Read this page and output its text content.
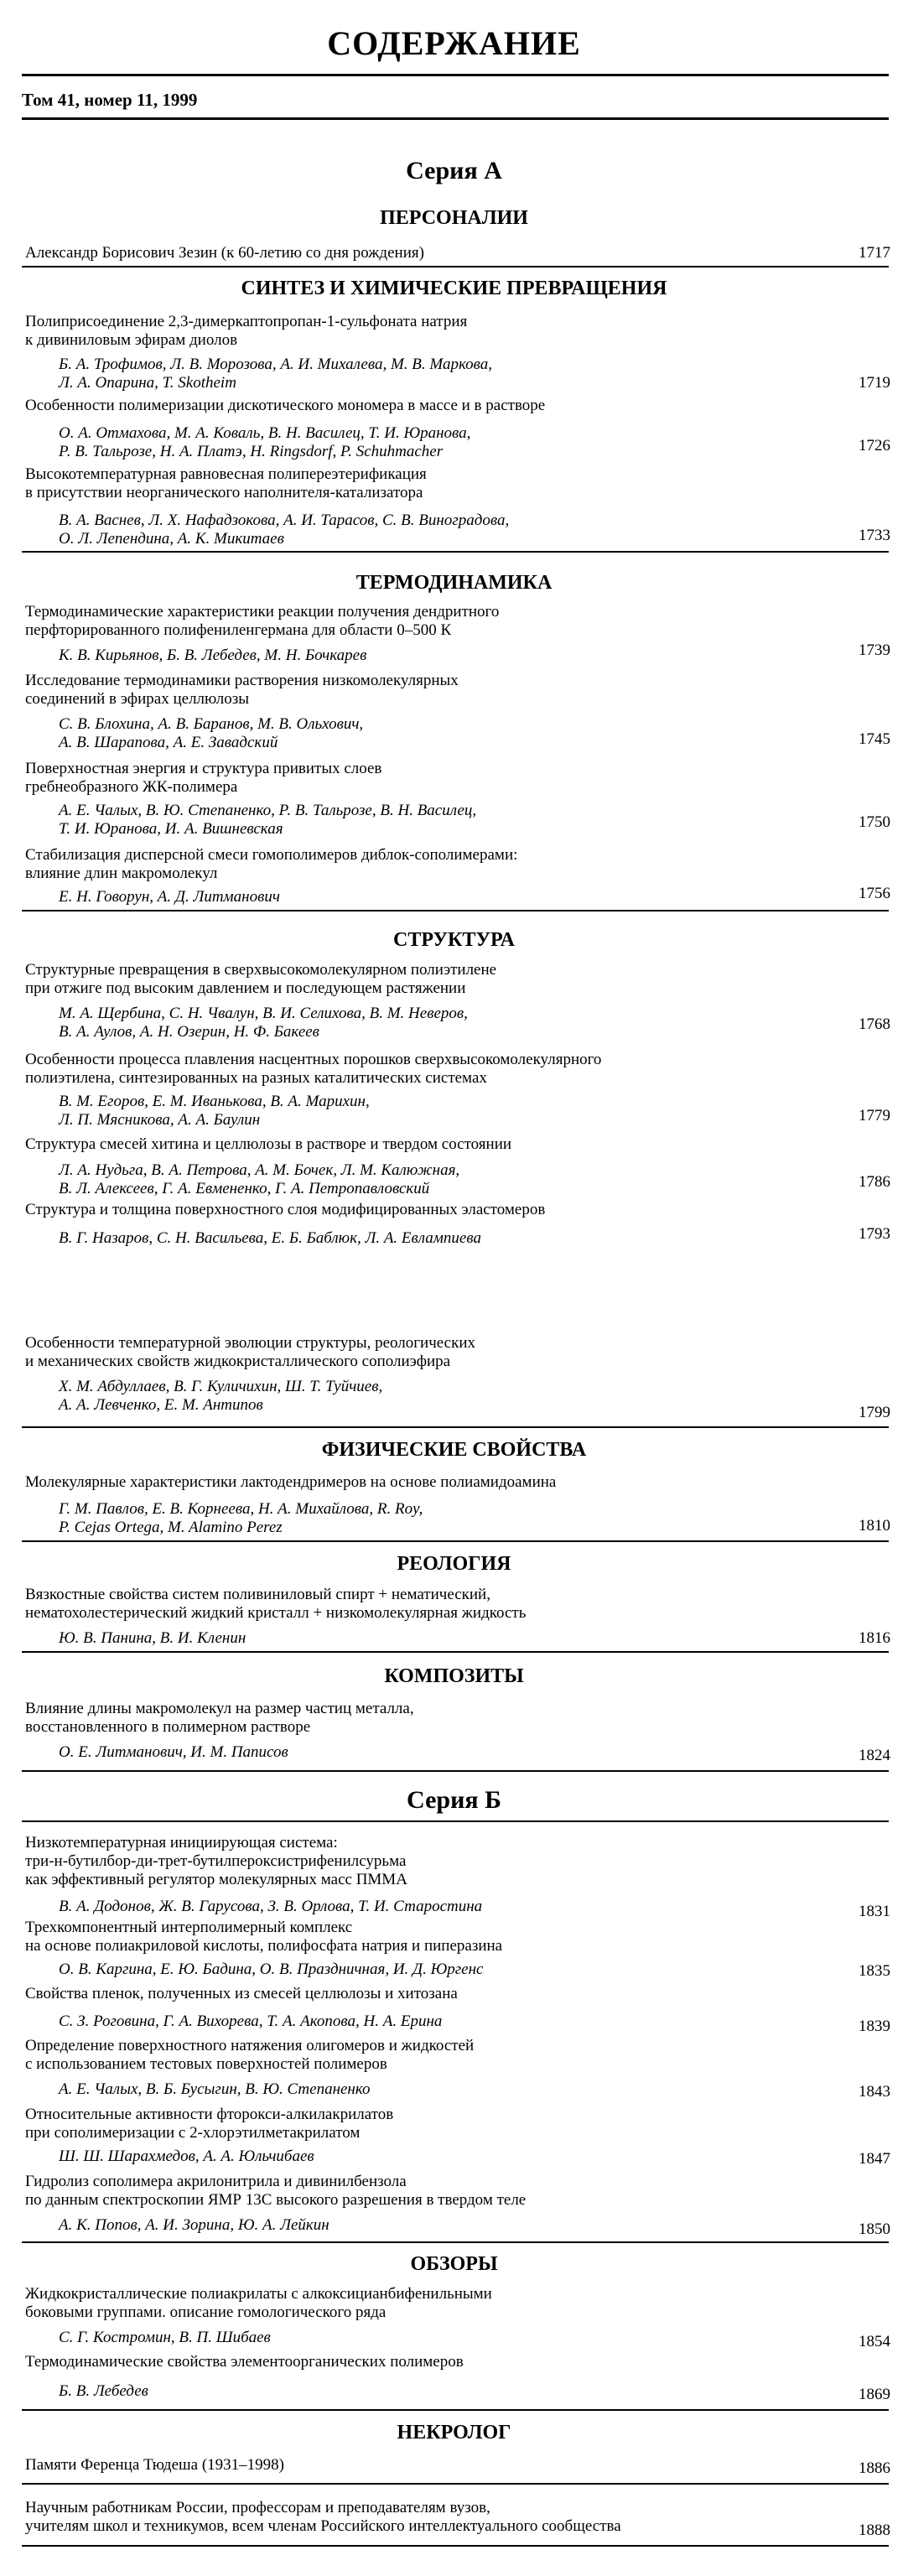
СОДЕРЖАНИЕ
Том 41, номер 11, 1999
Серия А
ПЕРСОНАЛИИ
Александр Борисович Зезин (к 60-летию со дня рождения)	1717
СИНТЕЗ И ХИМИЧЕСКИЕ ПРЕВРАЩЕНИЯ
Полиприсоединение 2,3-димеркаптопропан-1-сульфоната натрия
к дивиниловым эфирам диолов
Б. А. Трофимов, Л. В. Морозова, А. И. Михалева, М. В. Маркова,
Л. А. Опарина, T. Skotheim	1719
Особенности полимеризации дискотического мономера в массе и в растворе
О. А. Отмахова, М. А. Коваль, В. Н. Василец, Т. И. Юранова,
Р. В. Тальрозе, Н. А. Платэ, H. Ringsdorf, P. Schuhmacher	1726
Высокотемпературная равновесная полипереэтерификация
в присутствии неорганического наполнителя-катализатора
В. А. Васнев, Л. Х. Нафадзокова, А. И. Тарасов, С. В. Виноградова,
О. Л. Лепендина, А. К. Микитаев	1733
ТЕРМОДИНАМИКА
Термодинамические характеристики реакции получения дендритного
перфторированного полифениленгермана для области 0–500 К
К. В. Кирьянов, Б. В. Лебедев, М. Н. Бочкарев	1739
Исследование термодинамики растворения низкомолекулярных
соединений в эфирах целлюлозы
С. В. Блохина, А. В. Баранов, М. В. Ольхович,
А. В. Шарапова, А. Е. Завадский	1745
Поверхностная энергия и структура привитых слоев
гребнеобразного ЖК-полимера
А. Е. Чалых, В. Ю. Степаненко, Р. В. Тальрозе, В. Н. Василец,
Т. И. Юранова, И. А. Вишневская	1750
Стабилизация дисперсной смеси гомополимеров диблок-сополимерами:
влияние длин макромолекул
Е. Н. Говорун, А. Д. Литманович	1756
СТРУКТУРА
Структурные превращения в сверхвысокомолекулярном полиэтилене
при отжиге под высоким давлением и последующем растяжении
М. А. Щербина, С. Н. Чвалун, В. И. Селихова, В. М. Неверов,
В. А. Аулов, А. Н. Озерин, Н. Ф. Бакеев	1768
Особенности процесса плавления насцентных порошков сверхвысокомолекулярного
полиэтилена, синтезированных на разных каталитических системах
В. М. Егоров, Е. М. Иванькова, В. А. Марихин,
Л. П. Мясникова, А. А. Баулин	1779
Структура смесей хитина и целлюлозы в растворе и твердом состоянии
Л. А. Нудьга, В. А. Петрова, А. М. Бочек, Л. М. Калюжная,
В. Л. Алексеев, Г. А. Евмененко, Г. А. Петропавловский	1786
Структура и толщина поверхностного слоя модифицированных эластомеров
В. Г. Назаров, С. Н. Васильева, Е. Б. Баблюк, Л. А. Евлампиева	1793
Особенности температурной эволюции структуры, реологических
и механических свойств жидкокристаллического сополиэфира
Х. М. Абдуллаев, В. Г. Куличихин, Ш. Т. Туйчиев,
А. А. Левченко, Е. М. Антипов	1799
ФИЗИЧЕСКИЕ СВОЙСТВА
Молекулярные характеристики лактодендримеров на основе полиамидоамина
Г. М. Павлов, Е. В. Корнеева, Н. А. Михайлова, R. Roy,
P. Cejas Ortega, M. Alamino Perez	1810
РЕОЛОГИЯ
Вязкостные свойства систем поливиниловый спирт + нематический,
нематохолестерический жидкий кристалл + низкомолекулярная жидкость
Ю. В. Панина, В. И. Кленин	1816
КОМПОЗИТЫ
Влияние длины макромолекул на размер частиц металла,
восстановленного в полимерном растворе
О. Е. Литманович, И. М. Паписов	1824
Серия Б
Низкотемпературная инициирующая система:
три-н-бутилбор-ди-трет-бутилпероксистрифенилсурьма
как эффективный регулятор молекулярных масс ПММА
В. А. Додонов, Ж. В. Гарусова, З. В. Орлова, Т. И. Старостина	1831
Трехкомпонентный интерполимерный комплекс
на основе полиакриловой кислоты, полифосфата натрия и пиперазина
О. В. Каргина, Е. Ю. Бадина, О. В. Праздничная, И. Д. Юргенс	1835
Свойства пленок, полученных из смесей целлюлозы и хитозана
С. З. Роговина, Г. А. Вихорева, Т. А. Акопова, Н. А. Ерина	1839
Определение поверхностного натяжения олигомеров и жидкостей
с использованием тестовых поверхностей полимеров
А. Е. Чалых, В. Б. Бусыгин, В. Ю. Степаненко	1843
Относительные активности фторокси-алкилакрилатов
при сополимеризации с 2-хлорэтилметакрилатом
Ш. Ш. Шарахмедов, А. А. Юльчибаев	1847
Гидролиз сополимера акрилонитрила и дивинилбензола
по данным спектроскопии ЯМР 13С высокого разрешения в твердом теле
А. К. Попов, А. И. Зорина, Ю. А. Лейкин	1850
ОБЗОРЫ
Жидкокристаллические полиакрилаты с алкоксицианбифенильными
боковыми группами. описание гомологического ряда
С. Г. Костромин, В. П. Шибаев	1854
Термодинамические свойства элементоорганических полимеров
Б. В. Лебедев	1869
НЕКРОЛОГ
Памяти Ференца Тюдеша (1931–1998)	1886
Научным работникам России, профессорам и преподавателям вузов,
учителям школ и техникумов, всем членам Российского интеллектуального сообщества	1888
